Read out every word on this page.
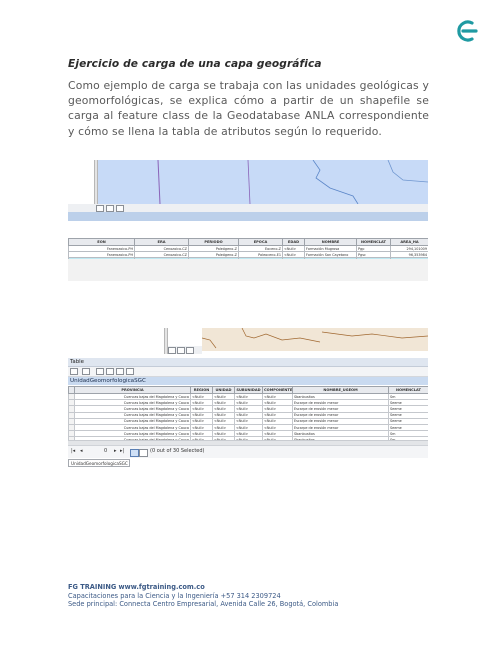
Ejercicio de carga de una capa geográfica

Como ejemplo de carga se trabaja con las unidades geológicas y geomorfológicas, se explica cómo a partir de un shapefile se carga al feature class de la Geodatabase ANLA correspondiente y cómo se llena la tabla de atributos según lo requerido.

EON	ERA	PERIODO	EPOCA	EDAD	NOMBRE	NOMENCLAT	AREA_HA
Fanerozoico-PH	Cenozoico-CZ	Paleógeno-Z	Eoceno-Z	<Null>	Formación Mugrosa	Pgp	294,101009
Fanerozoico-PH	Cenozoico-CZ	Paleógeno-Z	Paleoceno-E1	<Null>	Formación San Cayetano	Pgsc	96,353984

Table
UnidadGeomorfologicaSGC
	PROVINCIA	REGION	UNIDAD	SUBUNIDAD	COMPONENTE	NOMBRE_UGEOM	NOMENCLAT
	Cuencas bajas del Magdalena y Cauca	<Null>	<Null>	<Null>	<Null>	Sbanbusitos	Sm
	Cuencas bajas del Magdalena y Cauca	<Null>	<Null>	<Null>	<Null>	Escarpe de erosión menor	Seeme
	Cuencas bajas del Magdalena y Cauca	<Null>	<Null>	<Null>	<Null>	Escarpe de erosión menor	Seeme
	Cuencas bajas del Magdalena y Cauca	<Null>	<Null>	<Null>	<Null>	Escarpe de erosión menor	Seeme
	Cuencas bajas del Magdalena y Cauca	<Null>	<Null>	<Null>	<Null>	Escarpe de erosión menor	Seeme
	Cuencas bajas del Magdalena y Cauca	<Null>	<Null>	<Null>	<Null>	Escarpe de erosión menor	Seeme
	Cuencas bajas del Magdalena y Cauca	<Null>	<Null>	<Null>	<Null>	Sbanbusitos	Sm

|◂ ◂	0 ▸ ▸|	(0 out of 30 Selected)
UnidadGeomorfologicaSGC
FG TRAINING www.fgtraining.com.co
Capacitaciones para la Ciencia y la Ingeniería +57 314 2309724
Sede principal: Connecta Centro Empresarial, Avenida Calle 26, Bogotá, Colombia
